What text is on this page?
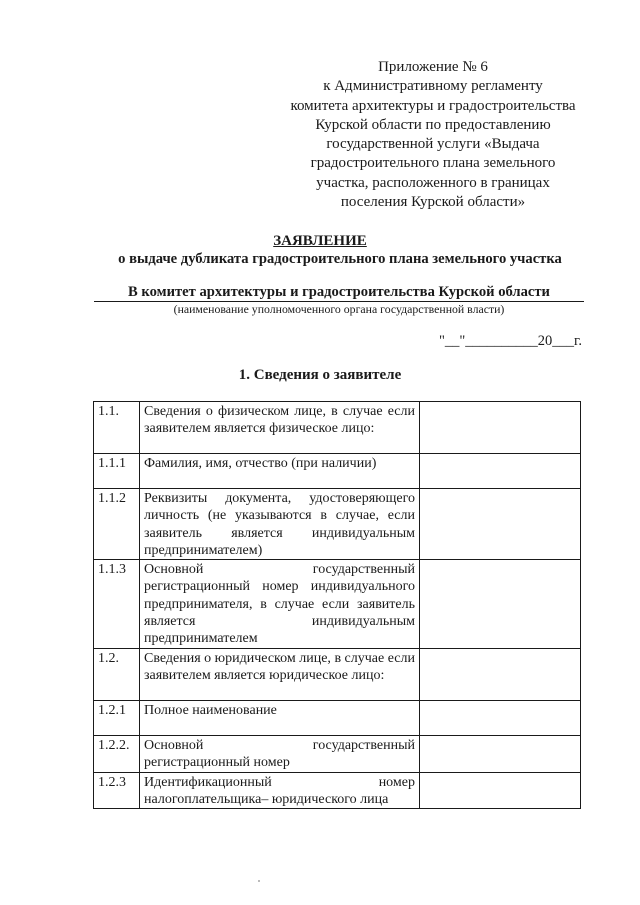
Приложение № 6
к Административному регламенту
комитета архитектуры и градостроительства
Курской области по предоставлению
государственной услуги «Выдача
градостроительного плана земельного
участка, расположенного в границах
поселения Курской области»
ЗАЯВЛЕНИЕ
о выдаче дубликата градостроительного плана земельного участка
В комитет архитектуры и градостроительства Курской области
(наименование уполномоченного органа государственной власти)
"__"__________20___г.
1. Сведения о заявителе
1.1.	Сведения о физическом лице, в случае если заявителем является физическое лицо:	
1.1.1	Фамилия, имя, отчество (при наличии)	
1.1.2	Реквизиты документа, удостоверяющего личность (не указываются в случае, если заявитель является индивидуальным предпринимателем)	
1.1.3	Основной государственный регистрационный номер индивидуального предпринимателя, в случае если заявитель является индивидуальным предпринимателем	
1.2.	Сведения о юридическом лице, в случае если заявителем является юридическое лицо:	
1.2.1	Полное наименование	
1.2.2.	Основной государственный регистрационный номер	
1.2.3	Идентификационный номер налогоплательщика– юридического лица	
